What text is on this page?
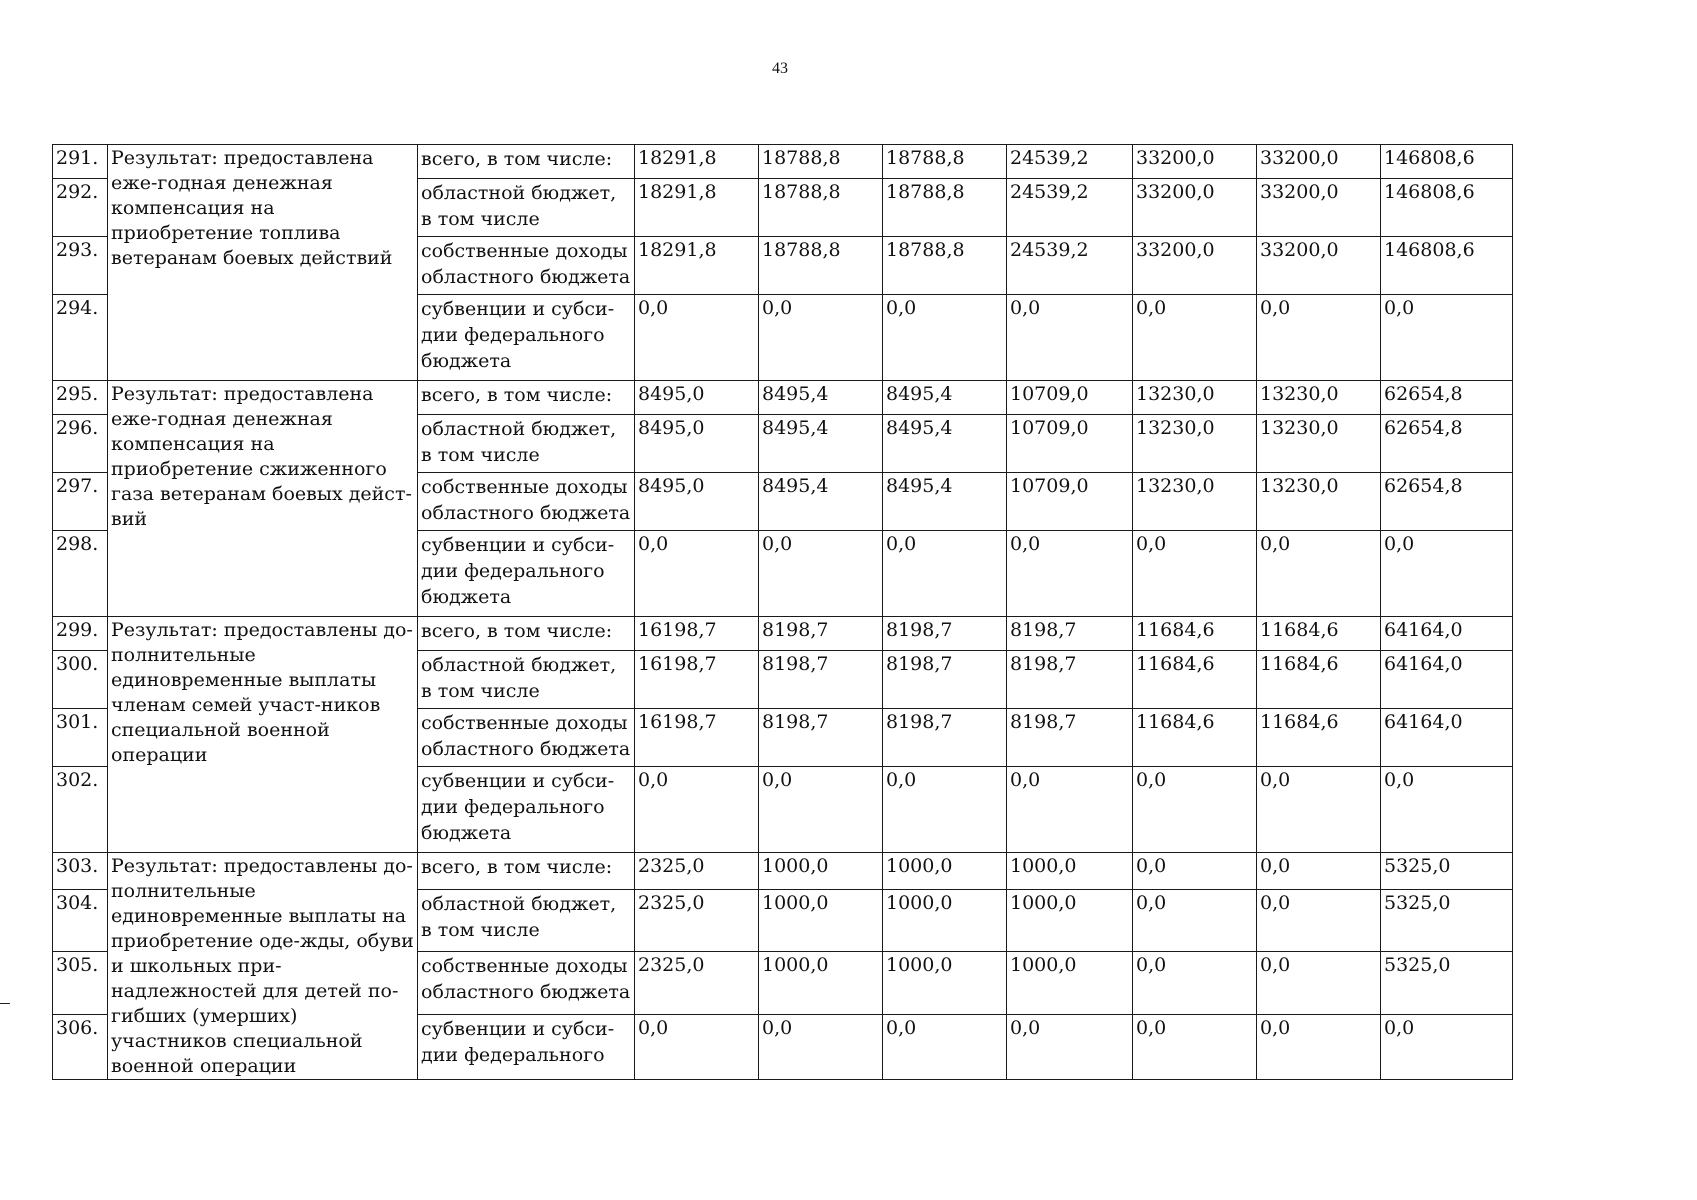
43
291.	Результат: предоставлена еже-годная денежная компенсация на приобретение топлива ветеранам боевых действий	всего, в том числе:	18291,8	18788,8	18788,8	24539,2	33200,0	33200,0	146808,6
292.		областной бюджет, в том числе	18291,8	18788,8	18788,8	24539,2	33200,0	33200,0	146808,6
293.		собственные доходы областного бюджета	18291,8	18788,8	18788,8	24539,2	33200,0	33200,0	146808,6
294.		субвенции и субси-дии федерального бюджета	0,0	0,0	0,0	0,0	0,0	0,0	0,0
295.	Результат: предоставлена еже-годная денежная компенсация на приобретение сжиженного газа ветеранам боевых дейст-вий	всего, в том числе:	8495,0	8495,4	8495,4	10709,0	13230,0	13230,0	62654,8
296.		областной бюджет, в том числе	8495,0	8495,4	8495,4	10709,0	13230,0	13230,0	62654,8
297.		собственные доходы областного бюджета	8495,0	8495,4	8495,4	10709,0	13230,0	13230,0	62654,8
298.		субвенции и субси-дии федерального бюджета	0,0	0,0	0,0	0,0	0,0	0,0	0,0
299.	Результат: предоставлены до-полнительные единовременные выплаты членам семей участ-ников специальной военной операции	всего, в том числе:	16198,7	8198,7	8198,7	8198,7	11684,6	11684,6	64164,0
300.		областной бюджет, в том числе	16198,7	8198,7	8198,7	8198,7	11684,6	11684,6	64164,0
301.		собственные доходы областного бюджета	16198,7	8198,7	8198,7	8198,7	11684,6	11684,6	64164,0
302.		субвенции и субси-дии федерального бюджета	0,0	0,0	0,0	0,0	0,0	0,0	0,0
303.	Результат: предоставлены до-полнительные единовременные выплаты на приобретение оде-жды, обуви и школьных при-надлежностей для детей по-гибших (умерших) участников специальной военной операции	всего, в том числе:	2325,0	1000,0	1000,0	1000,0	0,0	0,0	5325,0
304.		областной бюджет, в том числе	2325,0	1000,0	1000,0	1000,0	0,0	0,0	5325,0
305.		собственные доходы областного бюджета	2325,0	1000,0	1000,0	1000,0	0,0	0,0	5325,0
306.		субвенции и субси-дии федерального	0,0	0,0	0,0	0,0	0,0	0,0	0,0
